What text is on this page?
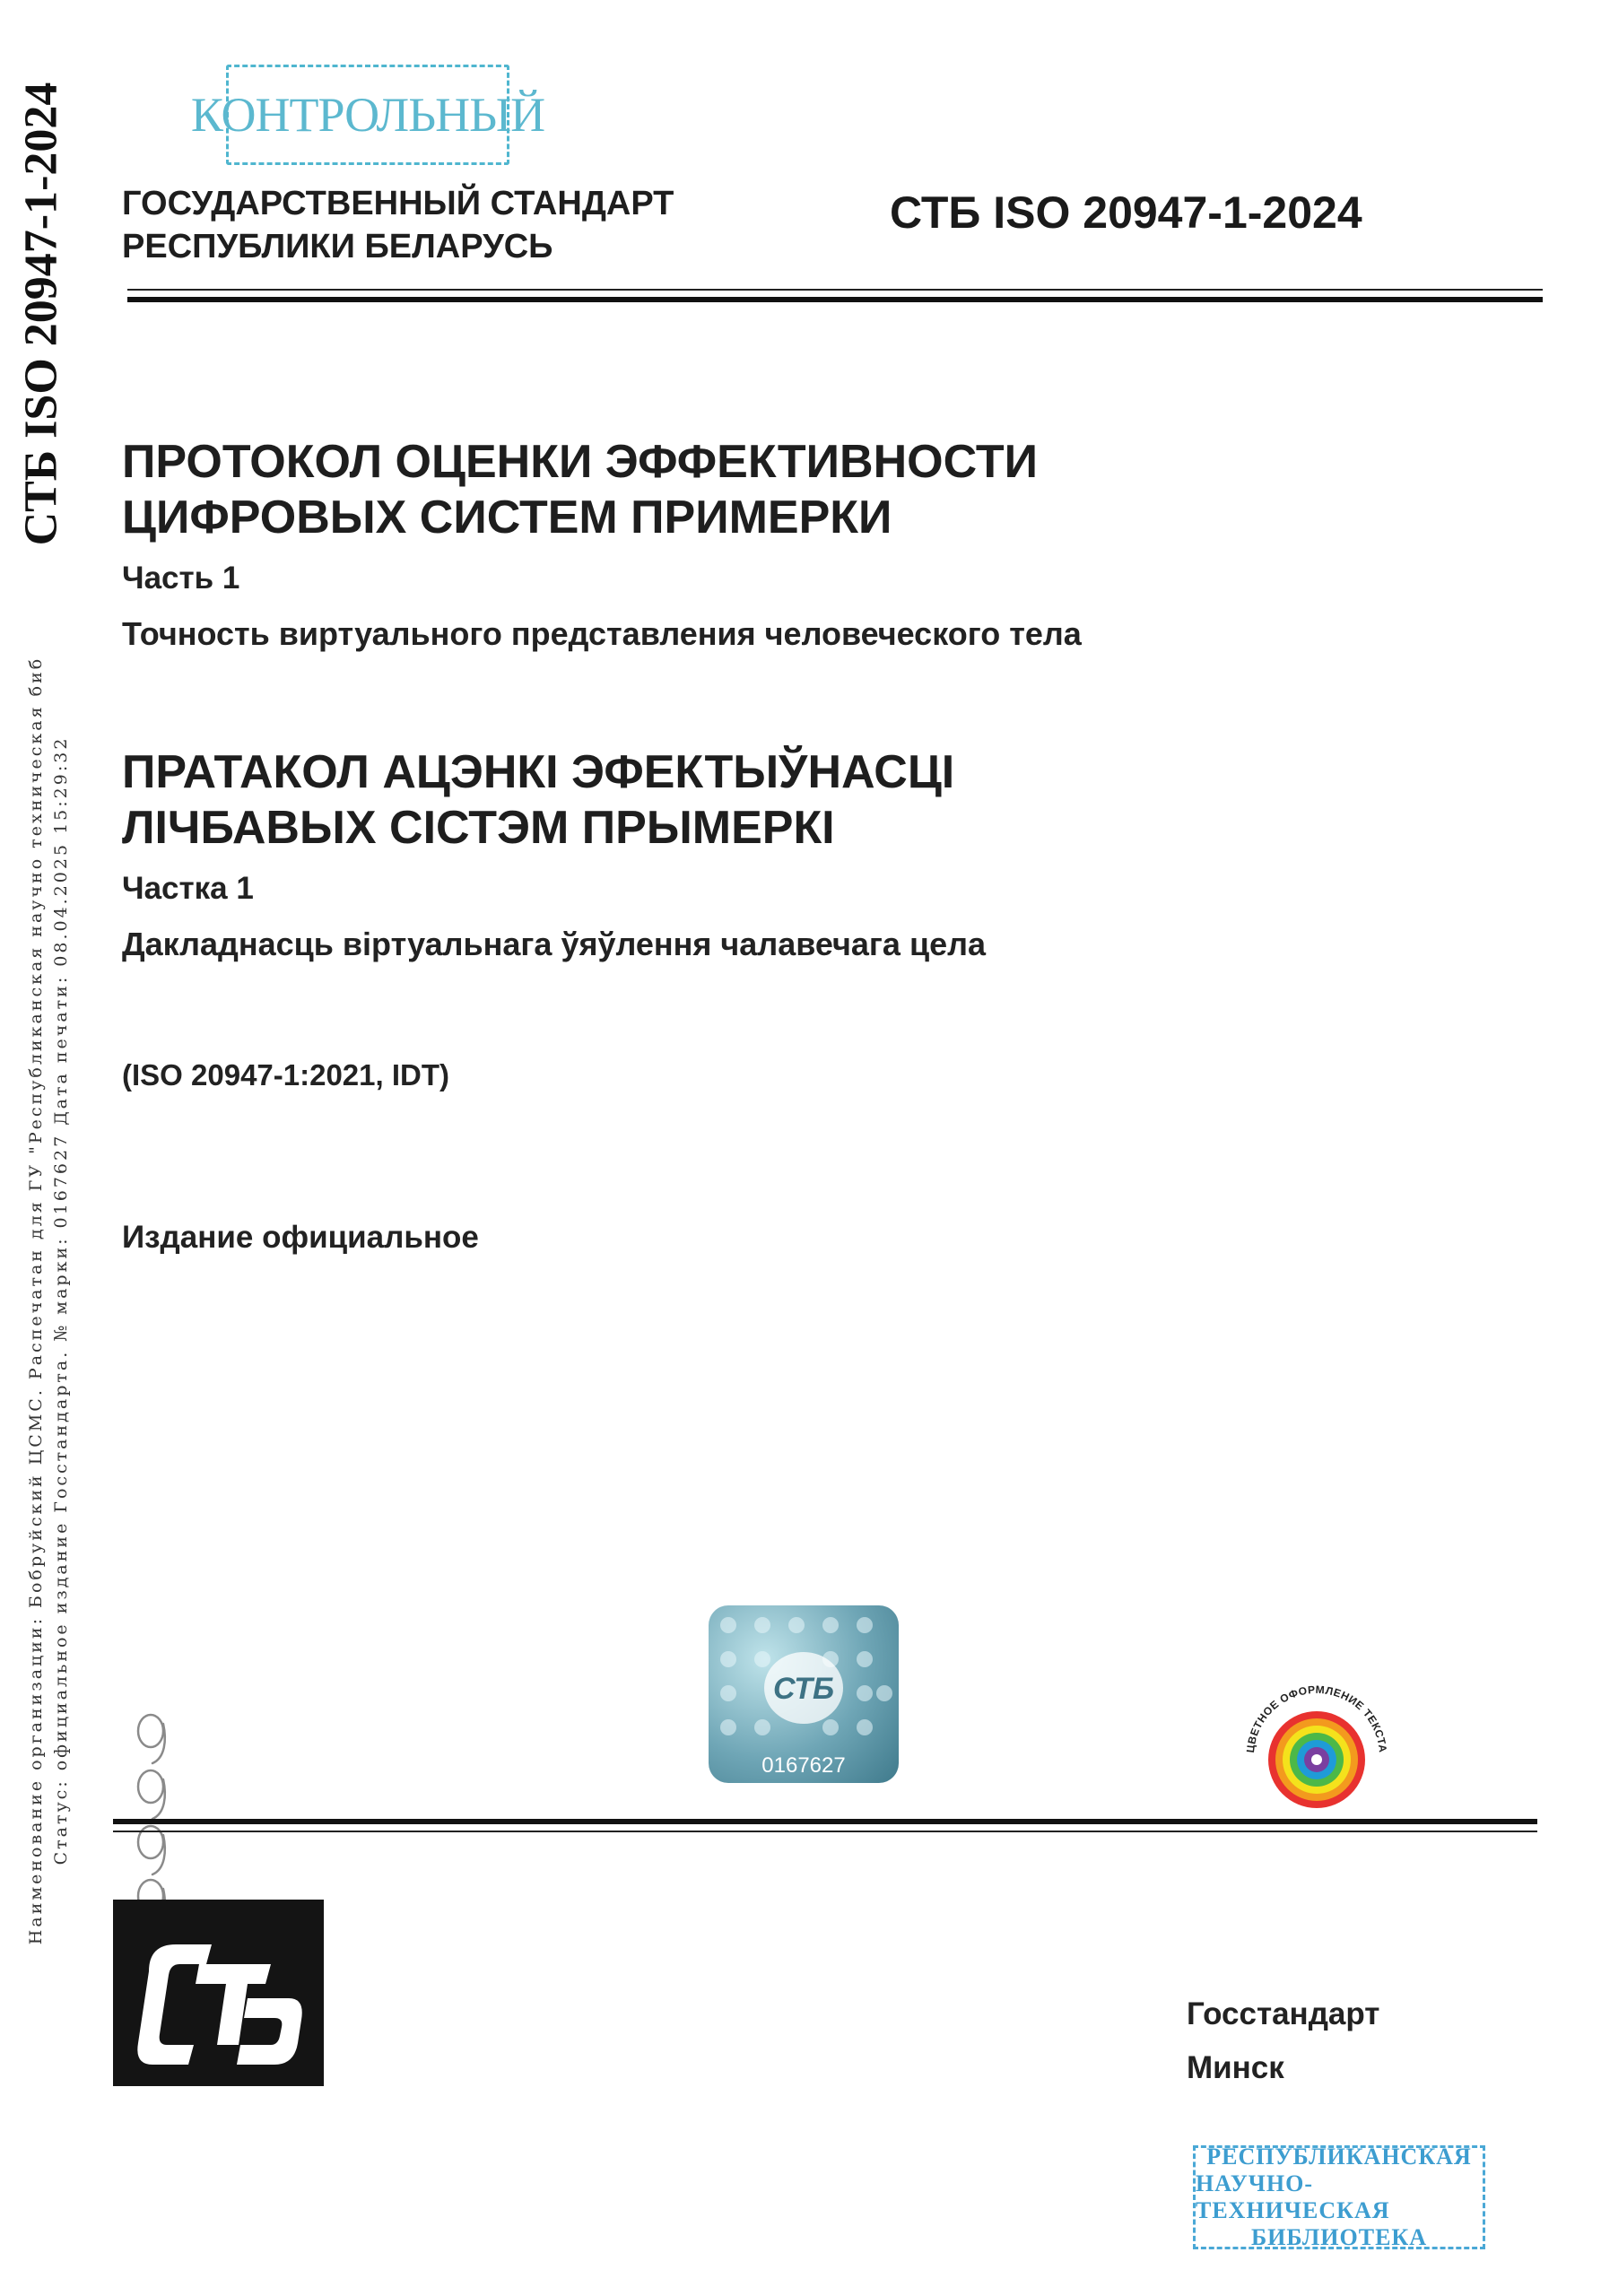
СТБ ISO 20947-1-2024
Наименование организации: Бобруйский ЦСМС. Распечатан для ГУ "Республиканская научно техническая биб Статус: официальное издание Госстандарта. № марки: 0167627 Дата печати: 08.04.2025 15:29:32
КОНТРОЛЬНЫЙ
ГОСУДАРСТВЕННЫЙ СТАНДАРТ
РЕСПУБЛИКИ БЕЛАРУСЬ
СТБ ISO 20947-1-2024
ПРОТОКОЛ ОЦЕНКИ ЭФФЕКТИВНОСТИ
ЦИФРОВЫХ СИСТЕМ ПРИМЕРКИ
Часть 1
Точность виртуального представления человеческого тела
ПРАТАКОЛ АЦЭНКІ ЭФЕКТЫЎНАСЦІ
ЛІЧБАВЫХ СІСТЭМ ПРЫМЕРКІ
Частка 1
Дакладнасць віртуальнага ўяўлення чалавечага цела
(ISO 20947-1:2021, IDT)
Издание официальное
СТБ
0167627
ЦВЕТНОЕ ОФОРМЛЕНИЕ ТЕКСТА
Госстандарт
Минск
РЕСПУБЛИКАНСКАЯ
НАУЧНО-ТЕХНИЧЕСКАЯ
БИБЛИОТЕКА
